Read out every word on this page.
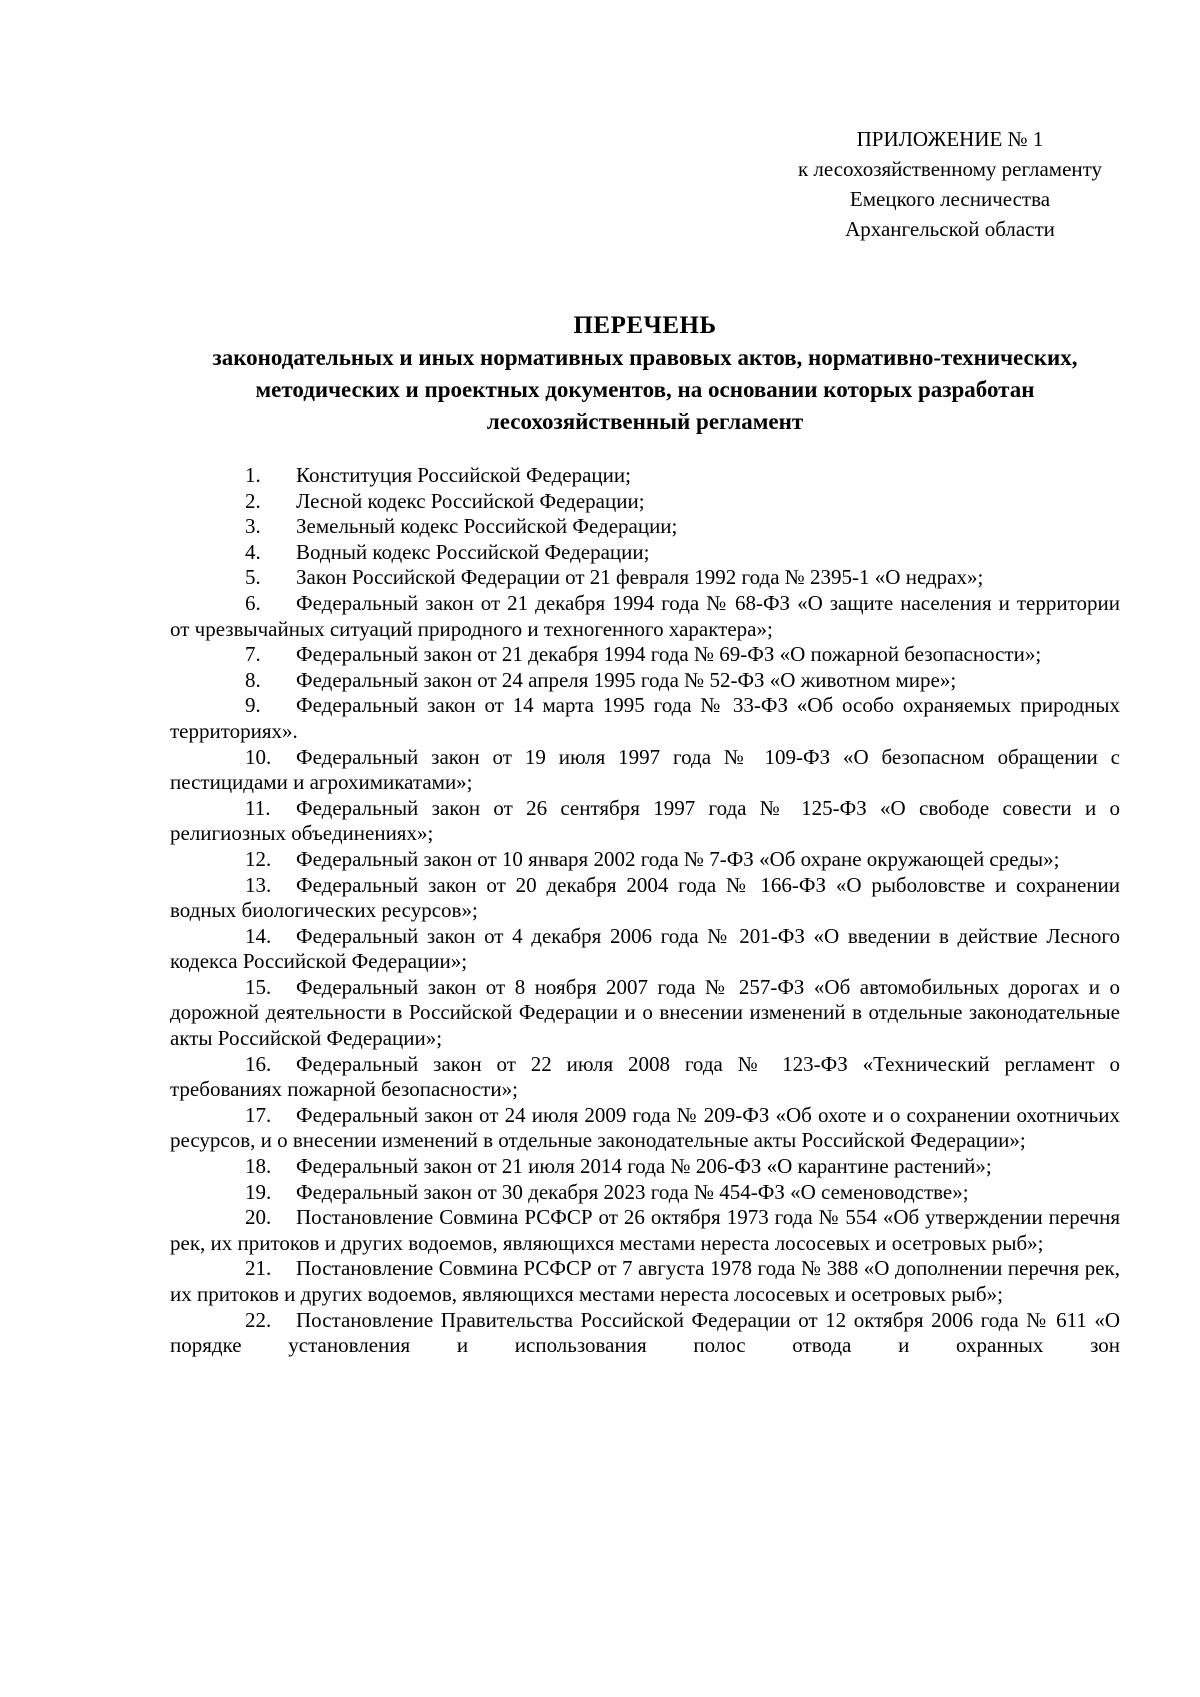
ПРИЛОЖЕНИЕ № 1
к лесохозяйственному регламенту
Емецкого лесничества
Архангельской области
ПЕРЕЧЕНЬ
законодательных и иных нормативных правовых актов, нормативно-технических, методических и проектных документов, на основании которых разработан лесохозяйственный регламент
1. Конституция Российской Федерации;
2. Лесной кодекс Российской Федерации;
3. Земельный кодекс Российской Федерации;
4. Водный кодекс Российской Федерации;
5. Закон Российской Федерации от 21 февраля 1992 года № 2395-1 «О недрах»;
6. Федеральный закон от 21 декабря 1994 года № 68-ФЗ «О защите населения и территории от чрезвычайных ситуаций природного и техногенного характера»;
7. Федеральный закон от 21 декабря 1994 года № 69-ФЗ «О пожарной безопасности»;
8. Федеральный закон от 24 апреля 1995 года № 52-ФЗ «О животном мире»;
9. Федеральный закон от 14 марта 1995 года № 33-ФЗ «Об особо охраняемых природных территориях».
10. Федеральный закон от 19 июля 1997 года № 109-ФЗ «О безопасном обращении с пестицидами и агрохимикатами»;
11. Федеральный закон от 26 сентября 1997 года № 125-ФЗ «О свободе совести и о религиозных объединениях»;
12. Федеральный закон от 10 января 2002 года № 7-ФЗ «Об охране окружающей среды»;
13. Федеральный закон от 20 декабря 2004 года № 166-ФЗ «О рыболовстве и сохранении водных биологических ресурсов»;
14. Федеральный закон от 4 декабря 2006 года № 201-ФЗ «О введении в действие Лесного кодекса Российской Федерации»;
15. Федеральный закон от 8 ноября 2007 года № 257-ФЗ «Об автомобильных дорогах и о дорожной деятельности в Российской Федерации и о внесении изменений в отдельные законодательные акты Российской Федерации»;
16. Федеральный закон от 22 июля 2008 года № 123-ФЗ «Технический регламент о требованиях пожарной безопасности»;
17. Федеральный закон от 24 июля 2009 года № 209-ФЗ «Об охоте и о сохранении охотничьих ресурсов, и о внесении изменений в отдельные законодательные акты Российской Федерации»;
18. Федеральный закон от 21 июля 2014 года № 206-ФЗ «О карантине растений»;
19. Федеральный закон от 30 декабря 2023 года № 454-ФЗ «О семеноводстве»;
20. Постановление Совмина РСФСР от 26 октября 1973 года № 554 «Об утверждении перечня рек, их притоков и других водоемов, являющихся местами нереста лососевых и осетровых рыб»;
21. Постановление Совмина РСФСР от 7 августа 1978 года № 388 «О дополнении перечня рек, их притоков и других водоемов, являющихся местами нереста лососевых и осетровых рыб»;
22. Постановление Правительства Российской Федерации от 12 октября 2006 года № 611 «О порядке установления и использования полос отвода и охранных зон
